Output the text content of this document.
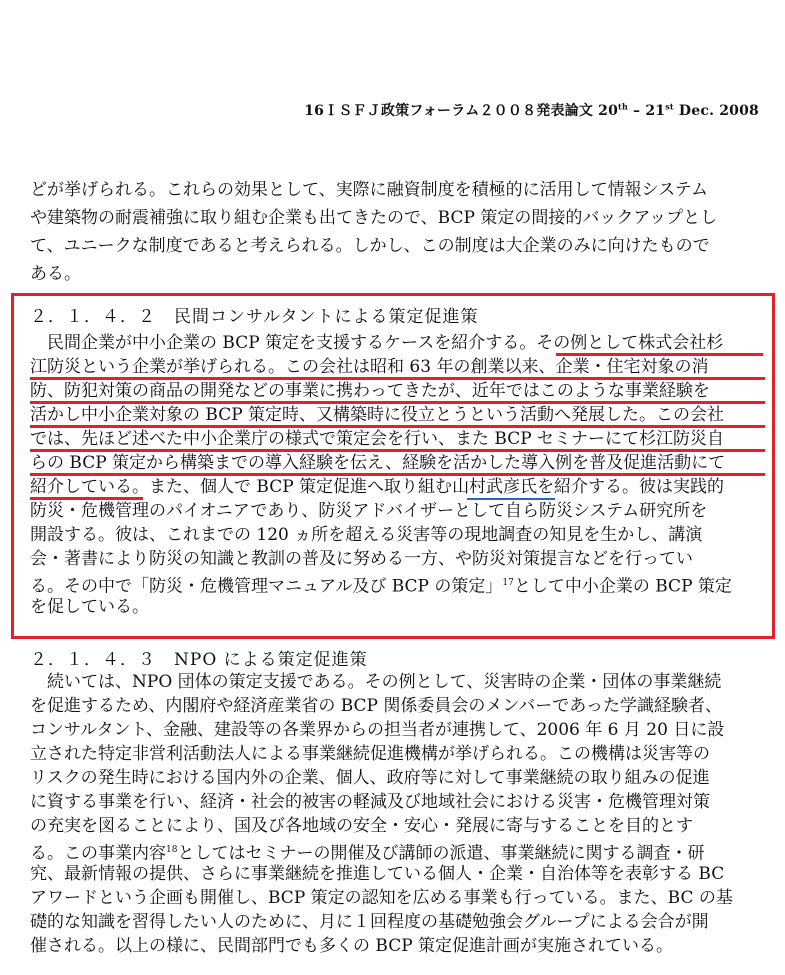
16ＩＳＦＪ政策フォーラム２００８発表論文 20th – 21st Dec. 2008
どが挙げられる。これらの効果として、実際に融資制度を積極的に活用して情報システム
や建築物の耐震補強に取り組む企業も出てきたので、BCP 策定の間接的バックアップとし
て、ユニークな制度であると考えられる。しかし、この制度は大企業のみに向けたもので
ある。
２．１．４．２　民間コンサルタントによる策定促進策
　民間企業が中小企業の BCP 策定を支援するケースを紹介する。その例として株式会社杉
江防災という企業が挙げられる。この会社は昭和 63 年の創業以来、企業・住宅対象の消
防、防犯対策の商品の開発などの事業に携わってきたが、近年ではこのような事業経験を
活かし中小企業対象の BCP 策定時、又構築時に役立とうという活動へ発展した。この会社
では、先ほど述べた中小企業庁の様式で策定会を行い、また BCP セミナーにて杉江防災自
らの BCP 策定から構築までの導入経験を伝え、経験を活かした導入例を普及促進活動にて
紹介している。また、個人で BCP 策定促進へ取り組む山村武彦氏を紹介する。彼は実践的
防災・危機管理のパイオニアであり、防災アドバイザーとして自ら防災システム研究所を
開設する。彼は、これまでの 120 ヵ所を超える災害等の現地調査の知見を生かし、講演
会・著書により防災の知識と教訓の普及に努める一方、や防災対策提言などを行ってい
る。その中で「防災・危機管理マニュアル及び BCP の策定」$^{17}$として中小企業の BCP 策定
を促している。
２．１．４．３　NPO による策定促進策
　続いては、NPO 団体の策定支援である。その例として、災害時の企業・団体の事業継続
を促進するため、内閣府や経済産業省の BCP 関係委員会のメンバーであった学識経験者、
コンサルタント、金融、建設等の各業界からの担当者が連携して、2006 年 6 月 20 日に設
立された特定非営利活動法人による事業継続促進機構が挙げられる。この機構は災害等の
リスクの発生時における国内外の企業、個人、政府等に対して事業継続の取り組みの促進
に資する事業を行い、経済・社会的被害の軽減及び地域社会における災害・危機管理対策
の充実を図ることにより、国及び各地域の安全・安心・発展に寄与することを目的とす
る。この事業内容$^{18}$としてはセミナーの開催及び講師の派遣、事業継続に関する調査・研
究、最新情報の提供、さらに事業継続を推進している個人・企業・自治体等を表彰する BC
アワードという企画も開催し、BCP 策定の認知を広める事業も行っている。また、BC の基
礎的な知識を習得したい人のために、月に１回程度の基礎勉強会グループによる会合が開
催される。以上の様に、民間部門でも多くの BCP 策定促進計画が実施されている。
